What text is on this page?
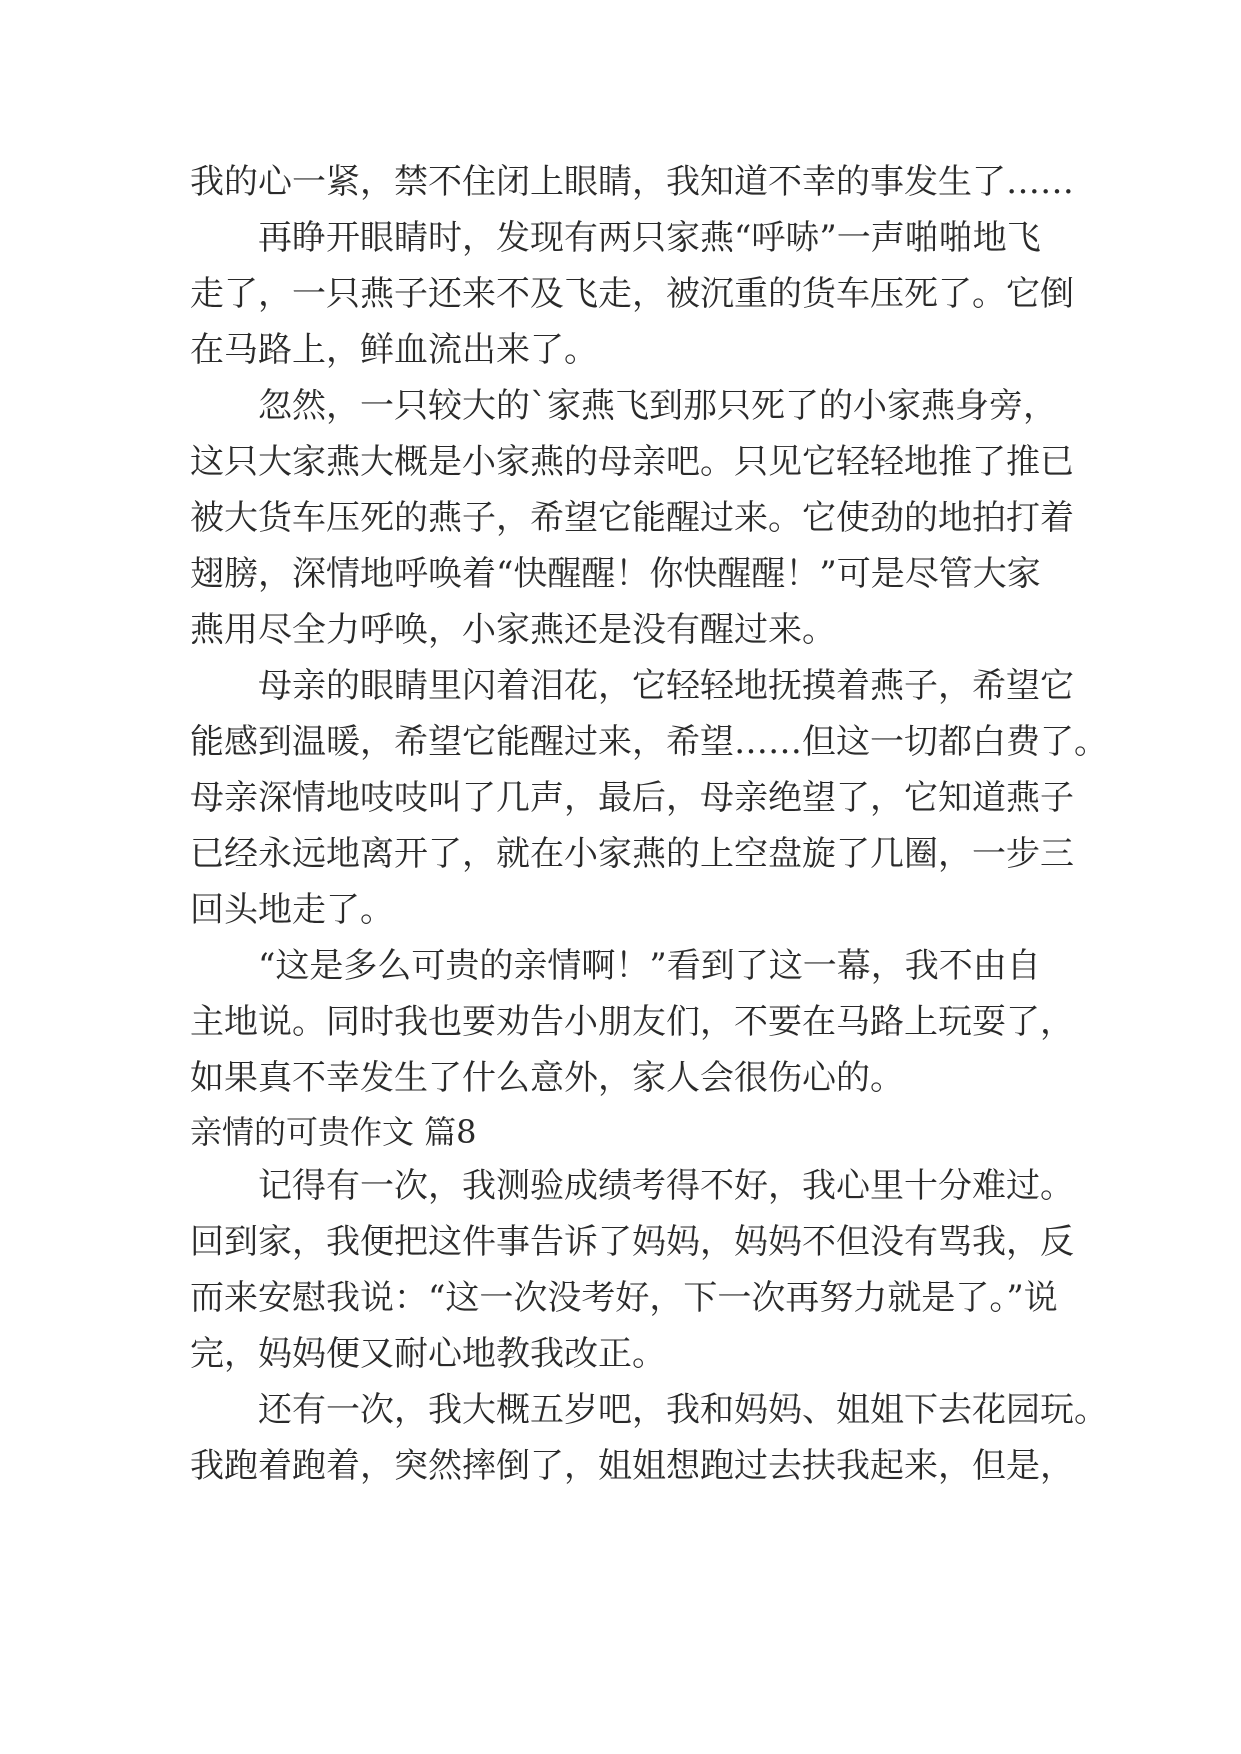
我的心一紧，禁不住闭上眼睛，我知道不幸的事发生了……
　　再睁开眼睛时，发现有两只家燕“呼哧”一声啪啪地飞
走了，一只燕子还来不及飞走，被沉重的货车压死了。它倒
在马路上，鲜血流出来了。
　　忽然，一只较大的`家燕飞到那只死了的小家燕身旁，
这只大家燕大概是小家燕的母亲吧。只见它轻轻地推了推已
被大货车压死的燕子，希望它能醒过来。它使劲的地拍打着
翅膀，深情地呼唤着“快醒醒！你快醒醒！”可是尽管大家
燕用尽全力呼唤，小家燕还是没有醒过来。
　　母亲的眼睛里闪着泪花，它轻轻地抚摸着燕子，希望它
能感到温暖，希望它能醒过来，希望……但这一切都白费了。
母亲深情地吱吱叫了几声，最后，母亲绝望了，它知道燕子
已经永远地离开了，就在小家燕的上空盘旋了几圈，一步三
回头地走了。
　　“这是多么可贵的亲情啊！”看到了这一幕，我不由自
主地说。同时我也要劝告小朋友们，不要在马路上玩耍了，
如果真不幸发生了什么意外，家人会很伤心的。
亲情的可贵作文 篇8
　　记得有一次，我测验成绩考得不好，我心里十分难过。
回到家，我便把这件事告诉了妈妈，妈妈不但没有骂我，反
而来安慰我说：“这一次没考好，下一次再努力就是了。”说
完，妈妈便又耐心地教我改正。
　　还有一次，我大概五岁吧，我和妈妈、姐姐下去花园玩。
我跑着跑着，突然摔倒了，姐姐想跑过去扶我起来，但是，
